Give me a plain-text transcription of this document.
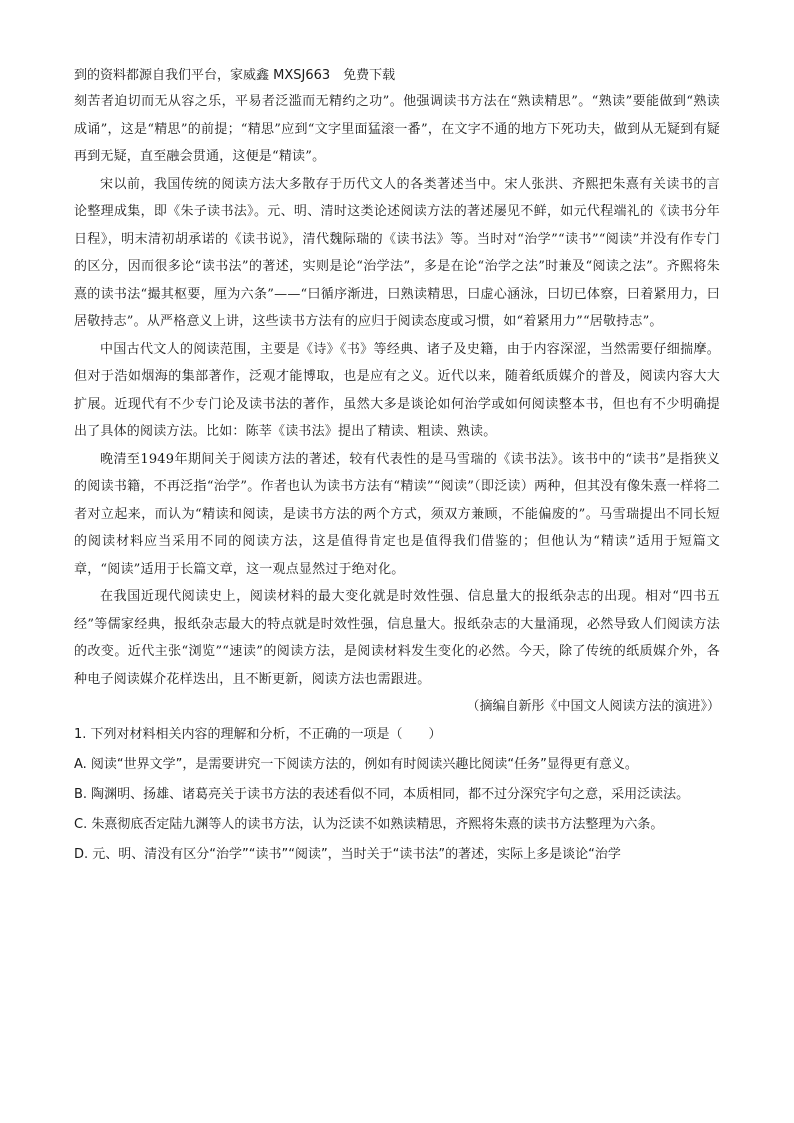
到的资料都源自我们平台，家威鑫 MXSJ663　免费下载

刻苦者迫切而无从容之乐，平易者泛滥而无精约之功”。他强调读书方法在“熟读精思”。“熟读”要能做到“熟读成诵”，这是“精思”的前提；“精思”应到“文字里面猛滚一番”，在文字不通的地方下死功夫，做到从无疑到有疑再到无疑，直至融会贯通，这便是“精读”。

宋以前，我国传统的阅读方法大多散存于历代文人的各类著述当中。宋人张洪、齐熙把朱熹有关读书的言论整理成集，即《朱子读书法》。元、明、清时这类论述阅读方法的著述屡见不鲜，如元代程端礼的《读书分年日程》，明末清初胡承诺的《读书说》，清代魏际瑞的《读书法》等。当时对“治学”“读书”“阅读”并没有作专门的区分，因而很多论“读书法”的著述，实则是论“治学法”，多是在论“治学之法”时兼及“阅读之法”。齐熙将朱熹的读书法“撮其枢要，厘为六条”——“曰循序渐进，曰熟读精思，曰虚心涵泳，曰切已体察，曰着紧用力，曰居敬持志”。从严格意义上讲，这些读书方法有的应归于阅读态度或习惯，如“着紧用力”“居敬持志”。

中国古代文人的阅读范围，主要是《诗》《书》等经典、诸子及史籍，由于内容深涩，当然需要仔细揣摩。但对于浩如烟海的集部著作，泛观才能博取，也是应有之义。近代以来，随着纸质媒介的普及，阅读内容大大扩展。近现代有不少专门论及读书法的著作，虽然大多是谈论如何治学或如何阅读整本书，但也有不少明确提出了具体的阅读方法。比如：陈莘《读书法》提出了精读、粗读、熟读。

晚清至1949年期间关于阅读方法的著述，较有代表性的是马雪瑞的《读书法》。该书中的“读书”是指狭义的阅读书籍，不再泛指“治学”。作者也认为读书方法有“精读”“阅读”（即泛读）两种，但其没有像朱熹一样将二者对立起来，而认为“精读和阅读，是读书方法的两个方式，须双方兼顾，不能偏废的”。马雪瑞提出不同长短的阅读材料应当采用不同的阅读方法，这是值得肯定也是值得我们借鉴的；但他认为“精读”适用于短篇文章，“阅读”适用于长篇文章，这一观点显然过于绝对化。

在我国近现代阅读史上，阅读材料的最大变化就是时效性强、信息量大的报纸杂志的出现。相对“四书五经”等儒家经典，报纸杂志最大的特点就是时效性强，信息量大。报纸杂志的大量涌现，必然导致人们阅读方法的改变。近代主张“浏览”“速读”的阅读方法，是阅读材料发生变化的必然。今天，除了传统的纸质媒介外，各种电子阅读媒介花样迭出，且不断更新，阅读方法也需跟进。

（摘编自新彤《中国文人阅读方法的演进》）

1. 下列对材料相关内容的理解和分析，不正确的一项是（　　）

A. 阅读“世界文学”，是需要讲究一下阅读方法的，例如有时阅读兴趣比阅读“任务”显得更有意义。

B. 陶渊明、扬雄、诸葛亮关于读书方法的表述看似不同，本质相同，都不过分深究字句之意，采用泛读法。

C. 朱熹彻底否定陆九渊等人的读书方法，认为泛读不如熟读精思，齐熙将朱熹的读书方法整理为六条。

D. 元、明、清没有区分“治学”“读书”“阅读”，当时关于“读书法”的著述，实际上多是谈论“治学
